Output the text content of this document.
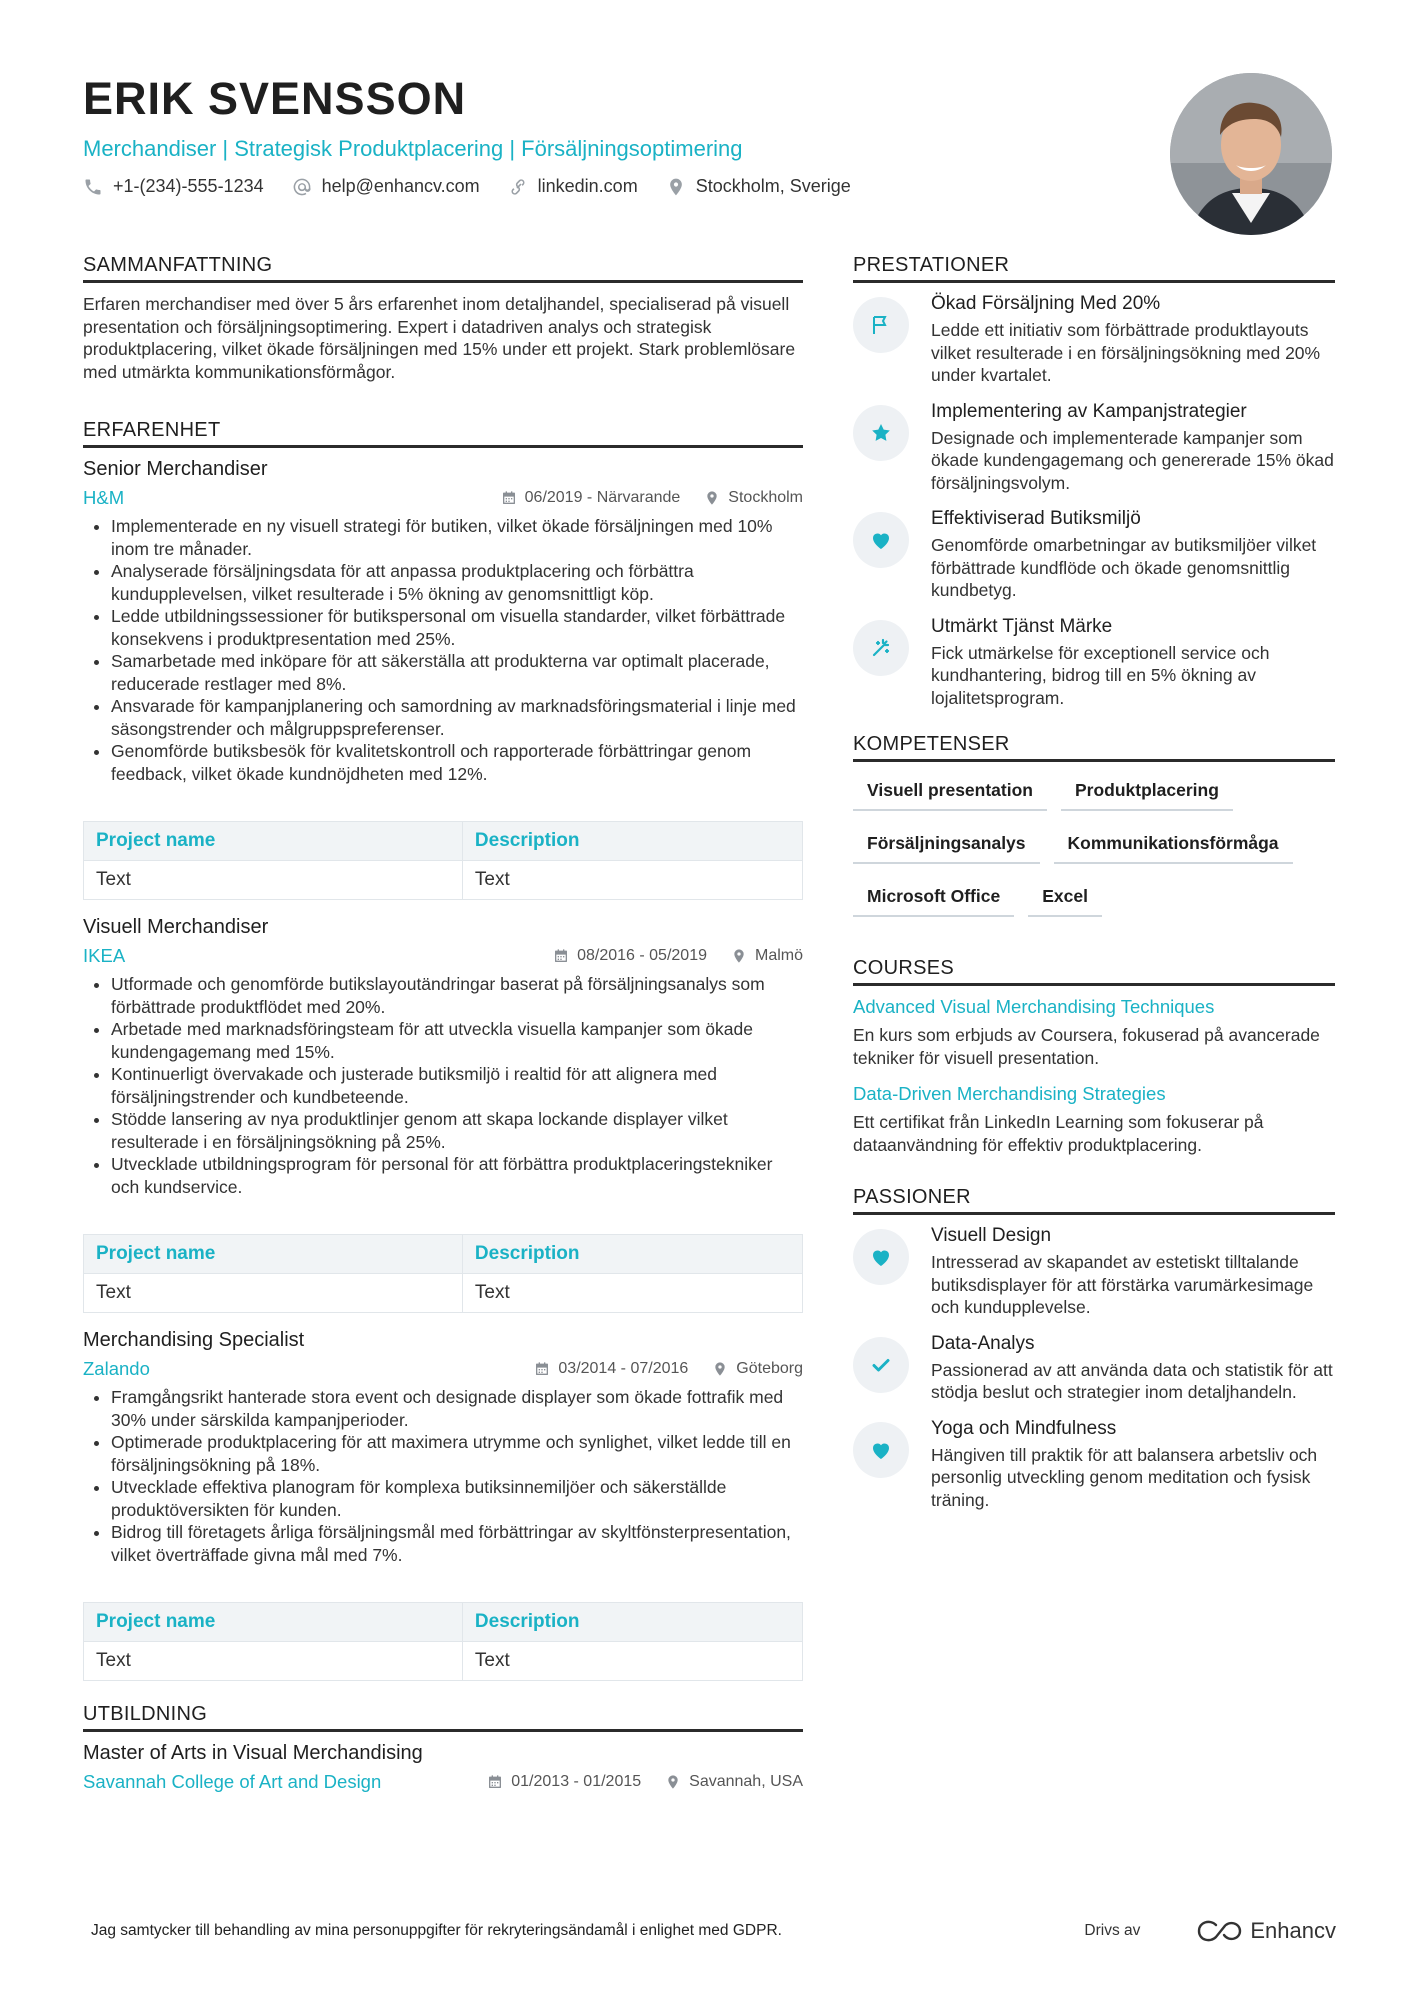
ERIK SVENSSON
Merchandiser | Strategisk Produktplacering | Försäljningsoptimering
+1-(234)-555-1234	help@enhancv.com	linkedin.com	Stockholm, Sverige
SAMMANFATTNING

Erfaren merchandiser med över 5 års erfarenhet inom detaljhandel, specialiserad på visuell presentation och försäljningsoptimering. Expert i datadriven analys och strategisk produktplacering, vilket ökade försäljningen med 15% under ett projekt. Stark problemlösare med utmärkta kommunikationsförmågor.

ERFARENHET
Senior Merchandiser
H&M	06/2019 - Närvarande	Stockholm
• Implementerade en ny visuell strategi för butiken, vilket ökade försäljningen med 10% inom tre månader.
• Analyserade försäljningsdata för att anpassa produktplacering och förbättra kundupplevelsen, vilket resulterade i 5% ökning av genomsnittligt köp.
• Ledde utbildningssessioner för butikspersonal om visuella standarder, vilket förbättrade konsekvens i produktpresentation med 25%.
• Samarbetade med inköpare för att säkerställa att produkterna var optimalt placerade, reducerade restlager med 8%.
• Ansvarade för kampanjplanering och samordning av marknadsföringsmaterial i linje med säsongstrender och målgruppspreferenser.
• Genomförde butiksbesök för kvalitetskontroll och rapporterade förbättringar genom feedback, vilket ökade kundnöjdheten med 12%.
Project name	Description
Text	Text
Visuell Merchandiser
IKEA	08/2016 - 05/2019	Malmö
• Utformade och genomförde butikslayoutändringar baserat på försäljningsanalys som förbättrade produktflödet med 20%.
• Arbetade med marknadsföringsteam för att utveckla visuella kampanjer som ökade kundengagemang med 15%.
• Kontinuerligt övervakade och justerade butiksmiljö i realtid för att alignera med försäljningstrender och kundbeteende.
• Stödde lansering av nya produktlinjer genom att skapa lockande displayer vilket resulterade i en försäljningsökning på 25%.
• Utvecklade utbildningsprogram för personal för att förbättra produktplaceringstekniker och kundservice.
Project name	Description
Text	Text
Merchandising Specialist
Zalando	03/2014 - 07/2016	Göteborg
• Framgångsrikt hanterade stora event och designade displayer som ökade fottrafik med 30% under särskilda kampanjperioder.
• Optimerade produktplacering för att maximera utrymme och synlighet, vilket ledde till en försäljningsökning på 18%.
• Utvecklade effektiva planogram för komplexa butiksinnemiljöer och säkerställde produktöversikten för kunden.
• Bidrog till företagets årliga försäljningsmål med förbättringar av skyltfönsterpresentation, vilket överträffade givna mål med 7%.
Project name	Description
Text	Text
UTBILDNING
Master of Arts in Visual Merchandising
Savannah College of Art and Design	01/2013 - 01/2015	Savannah, USA
PRESTATIONER
Ökad Försäljning Med 20%
Ledde ett initiativ som förbättrade produktlayouts vilket resulterade i en försäljningsökning med 20% under kvartalet.
Implementering av Kampanjstrategier
Designade och implementerade kampanjer som ökade kundengagemang och genererade 15% ökad försäljningsvolym.
Effektiviserad Butiksmiljö
Genomförde omarbetningar av butiksmiljöer vilket förbättrade kundflöde och ökade genomsnittlig kundbetyg.
Utmärkt Tjänst Märke
Fick utmärkelse för exceptionell service och kundhantering, bidrog till en 5% ökning av lojalitetsprogram.
KOMPETENSER
Visuell presentation	Produktplacering
Försäljningsanalys	Kommunikationsförmåga
Microsoft Office	Excel
COURSES
Advanced Visual Merchandising Techniques
En kurs som erbjuds av Coursera, fokuserad på avancerade tekniker för visuell presentation.
Data-Driven Merchandising Strategies
Ett certifikat från LinkedIn Learning som fokuserar på dataanvändning för effektiv produktplacering.
PASSIONER
Visuell Design
Intresserad av skapandet av estetiskt tilltalande butiksdisplayer för att förstärka varumärkesimage och kundupplevelse.
Data-Analys
Passionerad av att använda data och statistik för att stödja beslut och strategier inom detaljhandeln.
Yoga och Mindfulness
Hängiven till praktik för att balansera arbetsliv och personlig utveckling genom meditation och fysisk träning.
Jag samtycker till behandling av mina personuppgifter för rekryteringsändamål i enlighet med GDPR.	Drivs av	Enhancv
